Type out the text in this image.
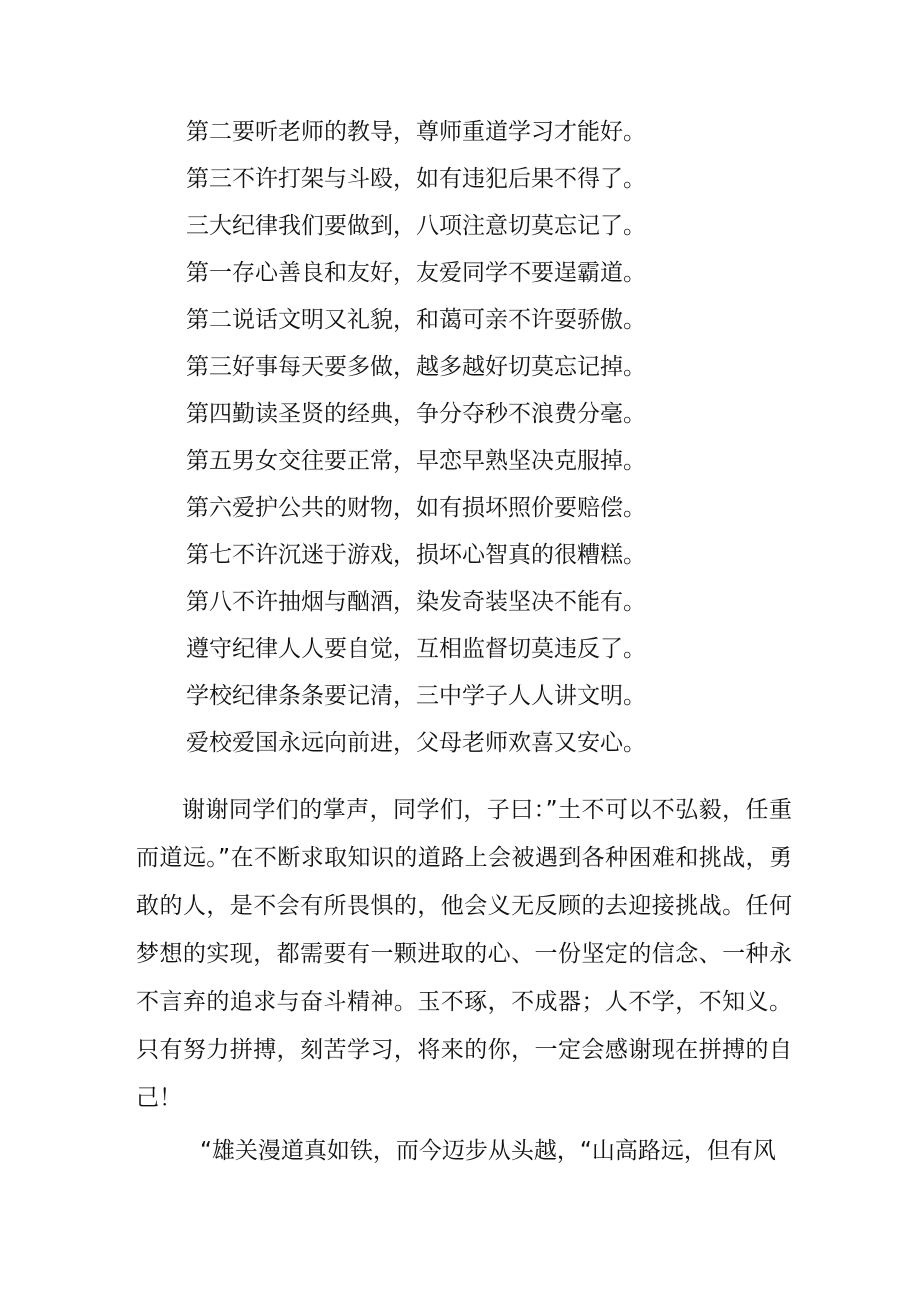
第二要听老师的教导，尊师重道学习才能好。
第三不许打架与斗殴，如有违犯后果不得了。
三大纪律我们要做到，八项注意切莫忘记了。
第一存心善良和友好，友爱同学不要逞霸道。
第二说话文明又礼貌，和蔼可亲不许耍骄傲。
第三好事每天要多做，越多越好切莫忘记掉。
第四勤读圣贤的经典，争分夺秒不浪费分毫。
第五男女交往要正常，早恋早熟坚决克服掉。
第六爱护公共的财物，如有损坏照价要赔偿。
第七不许沉迷于游戏，损坏心智真的很糟糕。
第八不许抽烟与酗酒，染发奇装坚决不能有。
遵守纪律人人要自觉，互相监督切莫违反了。
学校纪律条条要记清，三中学子人人讲文明。
爱校爱国永远向前进，父母老师欢喜又安心。
谢谢同学们的掌声，同学们，子曰：”土不可以不弘毅，任重而道远。”在不断求取知识的道路上会被遇到各种困难和挑战，勇敢的人，是不会有所畏惧的，他会义无反顾的去迎接挑战。任何梦想的实现，都需要有一颗进取的心、一份坚定的信念、一种永不言弃的追求与奋斗精神。玉不琢，不成器；人不学，不知义。只有努力拼搏，刻苦学习，将来的你，一定会感谢现在拼搏的自己！
“雄关漫道真如铁，而今迈步从头越，“山高路远，但有风
